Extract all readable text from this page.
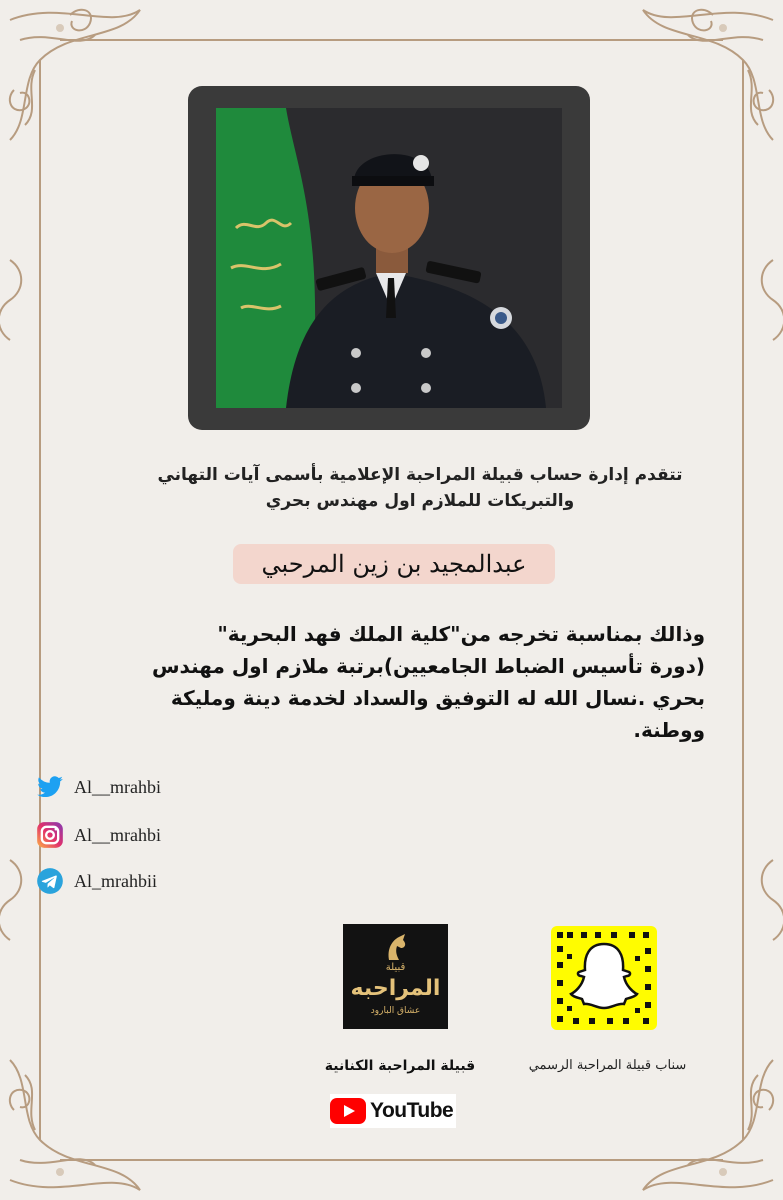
تتقدم إدارة حساب قبيلة المراحبة الإعلامية بأسمى آيات التهاني
والتبريكات للملازم اول مهندس بحري
عبدالمجيد بن زين المرحبي
وذالك بمناسبة تخرجه من"كلية الملك فهد البحرية"
(دورة تأسيس الضباط الجامعيين)برتبة ملازم اول مهندس
بحري .نسال الله له التوفيق والسداد لخدمة دينة ومليكة ووطنة.
Al__mrahbi
Al__mrahbi
Al_mrahbii
قبيلة
المراحبه
عشاق البارود
قبيلة المراحبة الكنانية	سناب قبيلة المراحبة الرسمي
YouTube
